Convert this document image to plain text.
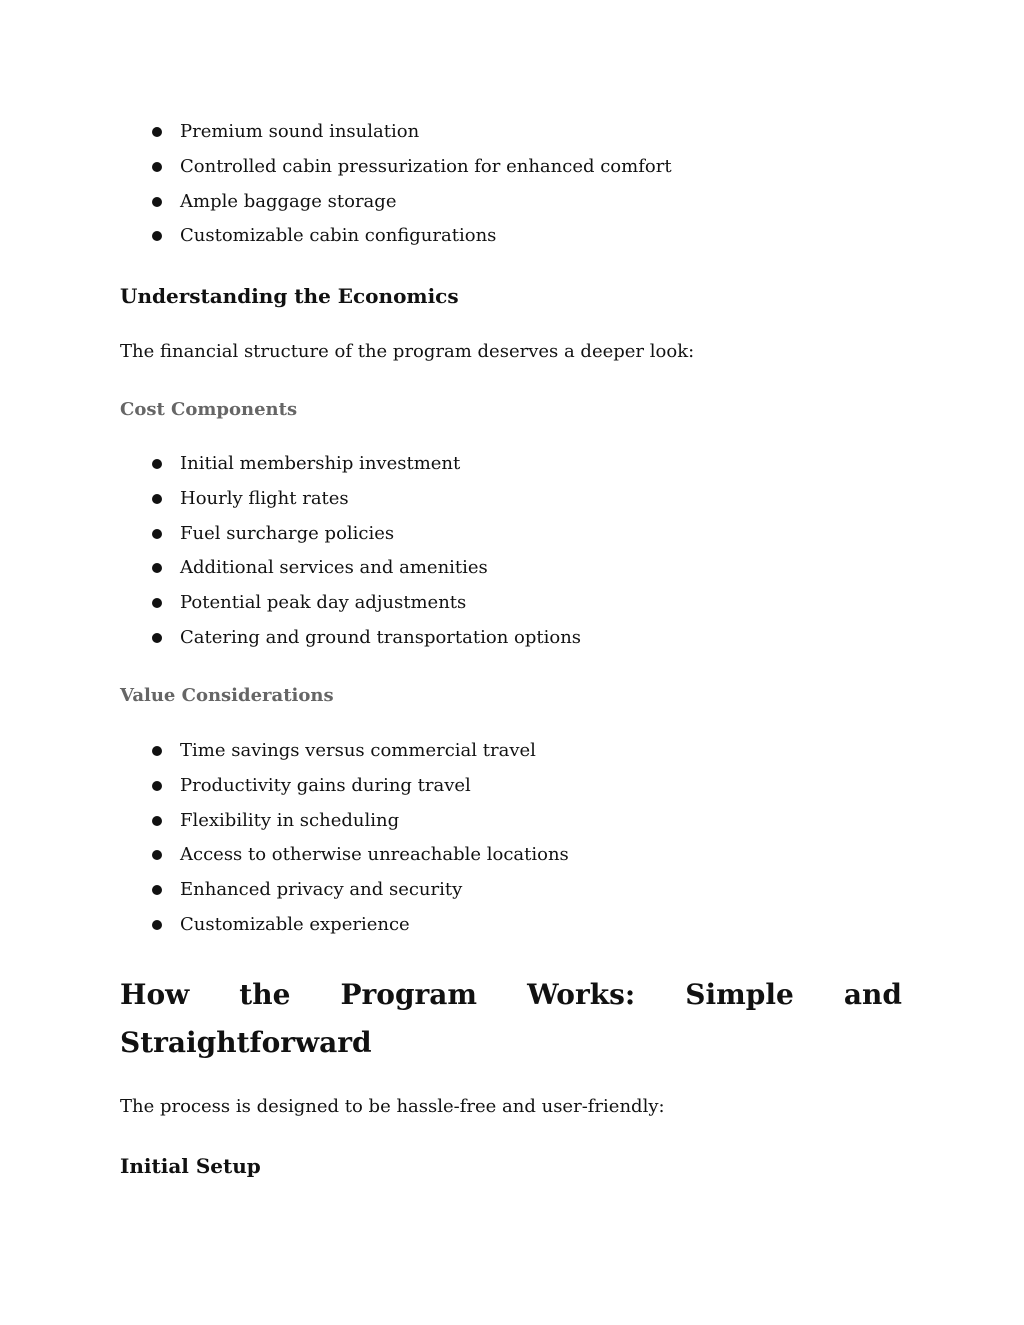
Premium sound insulation
Controlled cabin pressurization for enhanced comfort
Ample baggage storage
Customizable cabin configurations
Understanding the Economics

The financial structure of the program deserves a deeper look:

Cost Components
Initial membership investment
Hourly flight rates
Fuel surcharge policies
Additional services and amenities
Potential peak day adjustments
Catering and ground transportation options
Value Considerations
Time savings versus commercial travel
Productivity gains during travel
Flexibility in scheduling
Access to otherwise unreachable locations
Enhanced privacy and security
Customizable experience
How the Program Works: Simple and
Straightforward

The process is designed to be hassle-free and user-friendly:

Initial Setup
